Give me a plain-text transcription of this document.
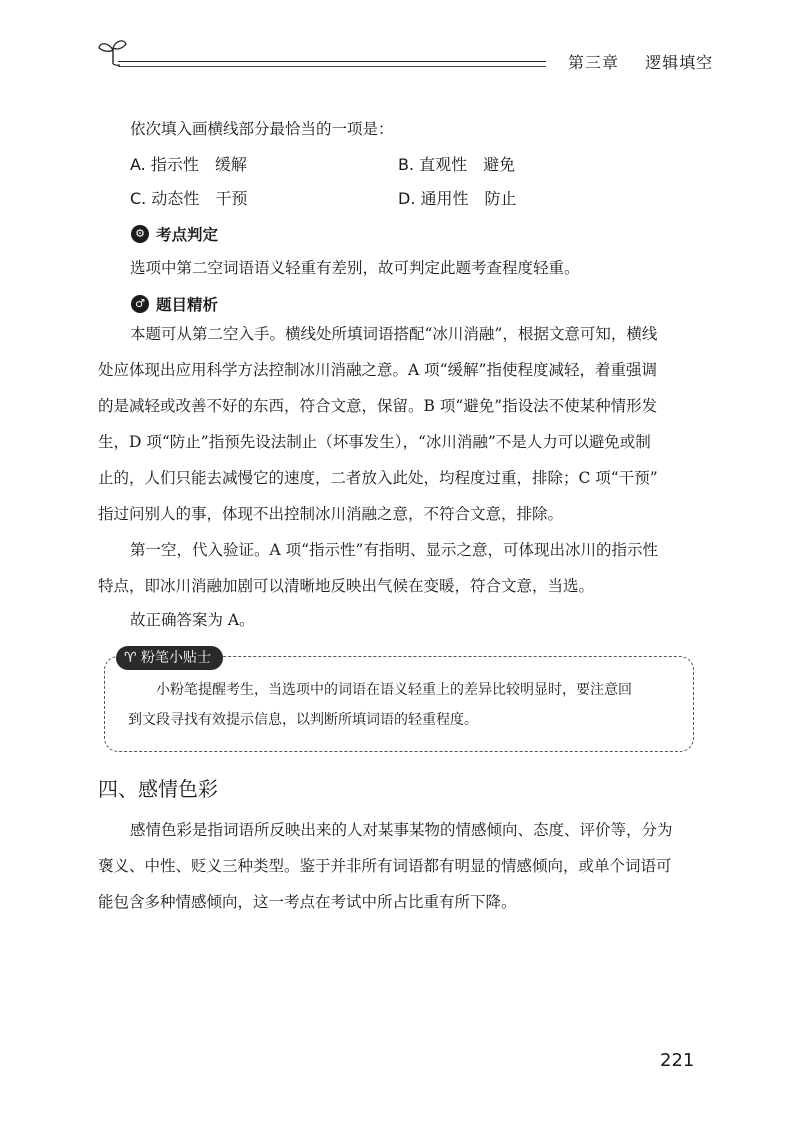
第三章 逻辑填空
依次填入画横线部分最恰当的一项是：
A. 指示性　缓解	B. 直观性　避免
C. 动态性　干预	D. 通用性　防止
⚙ 考点判定
选项中第二空词语语义轻重有差别，故可判定此题考查程度轻重。
♂ 题目精析
本题可从第二空入手。横线处所填词语搭配“冰川消融”，根据文意可知，横线
处应体现出应用科学方法控制冰川消融之意。A 项“缓解”指使程度减轻，着重强调
的是减轻或改善不好的东西，符合文意，保留。B 项“避免”指设法不使某种情形发
生，D 项“防止”指预先设法制止（坏事发生），“冰川消融”不是人力可以避免或制
止的，人们只能去减慢它的速度，二者放入此处，均程度过重，排除；C 项“干预”
指过问别人的事，体现不出控制冰川消融之意，不符合文意，排除。
第一空，代入验证。A 项“指示性”有指明、显示之意，可体现出冰川的指示性
特点，即冰川消融加剧可以清晰地反映出气候在变暖，符合文意，当选。
故正确答案为 A。
♈ 粉笔小贴士
小粉笔提醒考生，当选项中的词语在语义轻重上的差异比较明显时，要注意回
到文段寻找有效提示信息，以判断所填词语的轻重程度。
四、感情色彩
感情色彩是指词语所反映出来的人对某事某物的情感倾向、态度、评价等，分为
褒义、中性、贬义三种类型。鉴于并非所有词语都有明显的情感倾向，或单个词语可
能包含多种情感倾向，这一考点在考试中所占比重有所下降。
221
